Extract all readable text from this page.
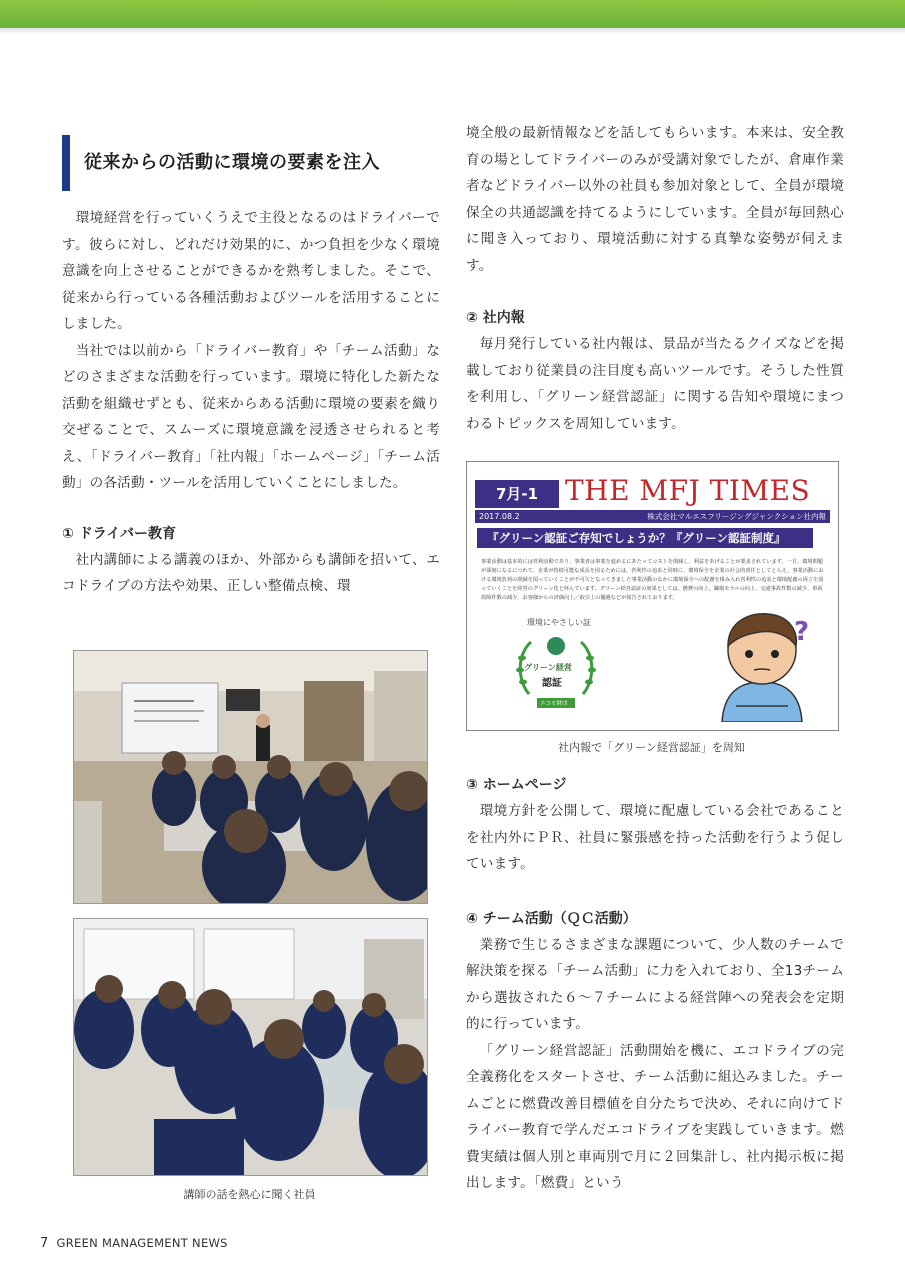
従来からの活動に環境の要素を注入

環境経営を行っていくうえで主役となるのはドライバーです。彼らに対し、どれだけ効果的に、かつ負担を少なく環境意識を向上させることができるかを熟考しました。そこで、従来から行っている各種活動およびツールを活用することにしました。

当社では以前から「ドライバー教育」や「チーム活動」などのさまざまな活動を行っています。環境に特化した新たな活動を組織せずとも、従来からある活動に環境の要素を織り交ぜることで、スムーズに環境意識を浸透させられると考え、「ドライバー教育」「社内報」「ホームページ」「チーム活動」の各活動・ツールを活用していくことにしました。

① ドライバー教育

社内講師による講義のほか、外部からも講師を招いて、エコドライブの方法や効果、正しい整備点検、環

講師の話を熱心に聞く社員

境全般の最新情報などを話してもらいます。本来は、安全教育の場としてドライバーのみが受講対象でしたが、倉庫作業者などドライバー以外の社員も参加対象として、全員が環境保全の共通認識を持てるようにしています。全員が毎回熱心に聞き入っており、環境活動に対する真摯な姿勢が伺えます。

② 社内報

毎月発行している社内報は、景品が当たるクイズなどを掲載しており従業員の注目度も高いツールです。そうした性質を利用し、「グリーン経営認証」に関する告知や環境にまつわるトピックスを周知しています。

7月-1 THE MFJ TIMES
2017.08.2	株式会社マルエスフリージングジャンクション社内報
『グリーン認証ご存知でしょうか？『グリーン認証制度』
事業活動は基本的には営利活動であり、事業者は事業を進めるにあたってコストを削減し、利益をあげることが要求されています。一方、環境問題が深刻になるにつれて、企業が持続可能な成長を図るためには、営利性の追求と同時に、環境保全を企業の社会的責任としてとらえ、事業活動における環境負荷の削減を図っていくことが不可欠となってきました事業活動のなかに環境保全への配慮を組み入れ営利性の追求と環境配慮の両立を図っていくことを経営のグリーン化と呼んでいます。グリーン経営認証の効果としては、燃費の向上、職場モラルの向上、交通事故件数の減少、車両故障件数の減少、お客様からの評価向上／取引上の優遇などが報告されております。
環境にやさしい証
グリーン経営
認証
エコモ財団
?
社内報で「グリーン経営認証」を周知

③ ホームページ

環境方針を公開して、環境に配慮している会社であることを社内外にＰＲ、社員に緊張感を持った活動を行うよう促しています。

④ チーム活動（ＱＣ活動）

業務で生じるさまざまな課題について、少人数のチームで解決策を探る「チーム活動」に力を入れており、全13チームから選抜された６～７チームによる経営陣への発表会を定期的に行っています。

「グリーン経営認証」活動開始を機に、エコドライブの完全義務化をスタートさせ、チーム活動に組込みました。チームごとに燃費改善目標値を自分たちで決め、それに向けてドライバー教育で学んだエコドライブを実践していきます。燃費実績は個人別と車両別で月に２回集計し、社内掲示板に掲出します。「燃費」という

7 GREEN MANAGEMENT NEWS
